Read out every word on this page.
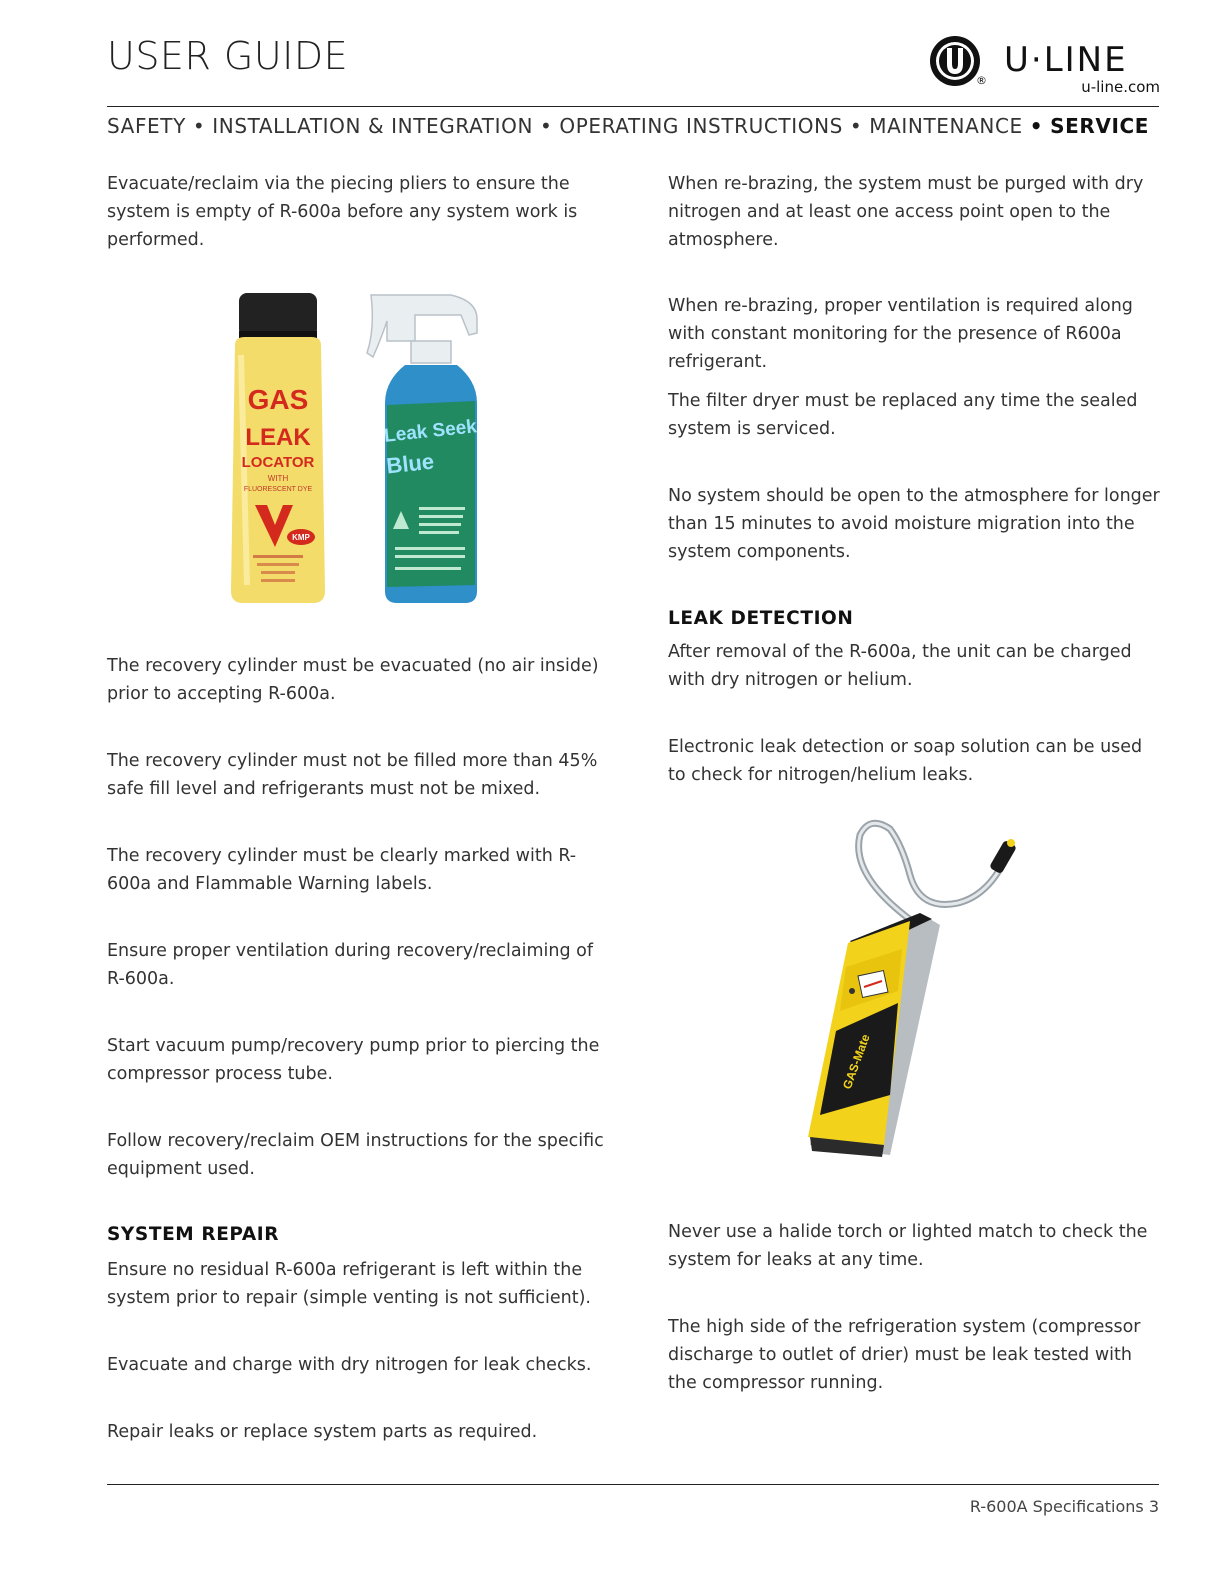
USER GUIDE
®
U·LINE
u-line.com
SAFETY • INSTALLATION & INTEGRATION • OPERATING INSTRUCTIONS • MAINTENANCE • SERVICE

Evacuate/reclaim via the piecing pliers to ensure the system is empty of R-600a before any system work is performed.

GAS
LEAK
LOCATOR
WITH
FLUORESCENT DYE
KMP
Leak Seek
Blue

The recovery cylinder must be evacuated (no air inside) prior to accepting R-600a.

The recovery cylinder must not be filled more than 45% safe fill level and refrigerants must not be mixed.

The recovery cylinder must be clearly marked with R-600a and Flammable Warning labels.

Ensure proper ventilation during recovery/reclaiming of R-600a.

Start vacuum pump/recovery pump prior to piercing the compressor process tube.

Follow recovery/reclaim OEM instructions for the specific equipment used.

SYSTEM REPAIR

Ensure no residual R-600a refrigerant is left within the system prior to repair (simple venting is not sufficient).

Evacuate and charge with dry nitrogen for leak checks.

Repair leaks or replace system parts as required.

When re-brazing, the system must be purged with dry nitrogen and at least one access point open to the atmosphere.

When re-brazing, proper ventilation is required along with constant monitoring for the presence of R600a refrigerant.

The filter dryer must be replaced any time the sealed system is serviced.

No system should be open to the atmosphere for longer than 15 minutes to avoid moisture migration into the system components.

LEAK DETECTION

After removal of the R-600a, the unit can be charged with dry nitrogen or helium.

Electronic leak detection or soap solution can be used to check for nitrogen/helium leaks.

GAS-Mate

Never use a halide torch or lighted match to check the system for leaks at any time.

The high side of the refrigeration system (compressor discharge to outlet of drier) must be leak tested with the compressor running.

R-600A Specifications 3
